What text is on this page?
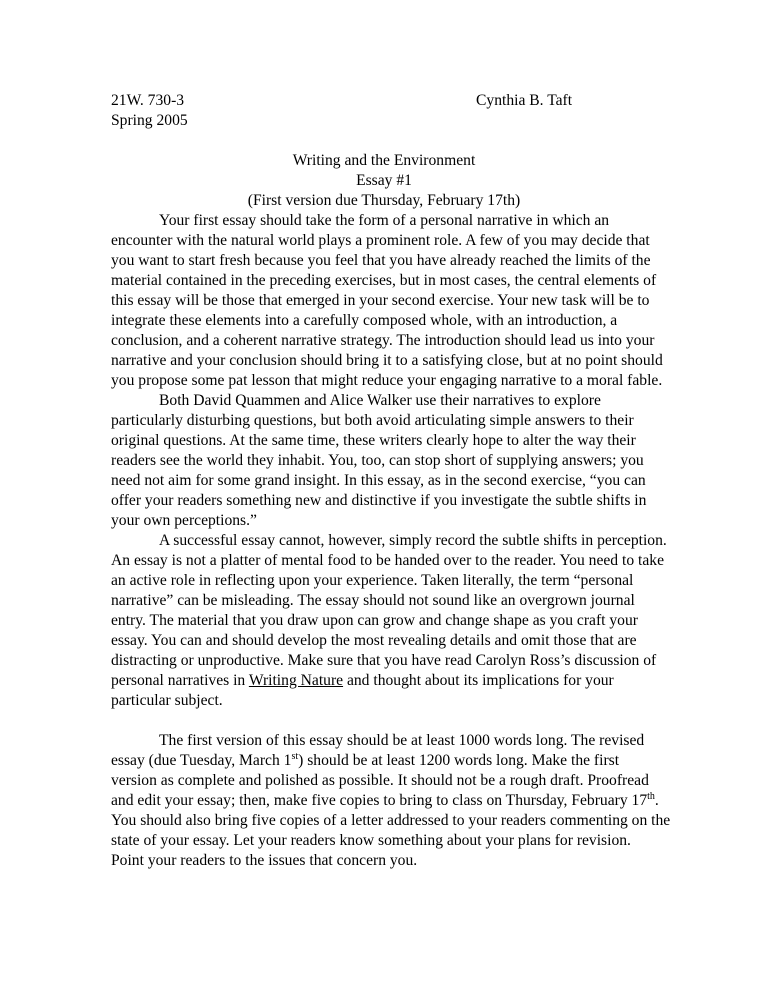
21W. 730-3
Spring 2005
Cynthia B. Taft
Writing and the Environment
Essay #1
(First version due Thursday, February 17th)
Your first essay should take the form of a personal narrative in which an
encounter with the natural world plays a prominent role. A few of you may decide that
you want to start fresh because you feel that you have already reached the limits of the
material contained in the preceding exercises, but in most cases, the central elements of
this essay will be those that emerged in your second exercise. Your new task will be to
integrate these elements into a carefully composed whole, with an introduction, a
conclusion, and a coherent narrative strategy. The introduction should lead us into your
narrative and your conclusion should bring it to a satisfying close, but at no point should
you propose some pat lesson that might reduce your engaging narrative to a moral fable.
Both David Quammen and Alice Walker use their narratives to explore
particularly disturbing questions, but both avoid articulating simple answers to their
original questions. At the same time, these writers clearly hope to alter the way their
readers see the world they inhabit. You, too, can stop short of supplying answers; you
need not aim for some grand insight. In this essay, as in the second exercise, “you can
offer your readers something new and distinctive if you investigate the subtle shifts in
your own perceptions.”
A successful essay cannot, however, simply record the subtle shifts in perception.
An essay is not a platter of mental food to be handed over to the reader. You need to take
an active role in reflecting upon your experience. Taken literally, the term “personal
narrative” can be misleading. The essay should not sound like an overgrown journal
entry. The material that you draw upon can grow and change shape as you craft your
essay. You can and should develop the most revealing details and omit those that are
distracting or unproductive. Make sure that you have read Carolyn Ross’s discussion of
personal narratives in Writing Nature and thought about its implications for your
particular subject.
The first version of this essay should be at least 1000 words long. The revised
essay (due Tuesday, March 1st) should be at least 1200 words long. Make the first
version as complete and polished as possible. It should not be a rough draft. Proofread
and edit your essay; then, make five copies to bring to class on Thursday, February 17th.
You should also bring five copies of a letter addressed to your readers commenting on the
state of your essay. Let your readers know something about your plans for revision.
Point your readers to the issues that concern you.
